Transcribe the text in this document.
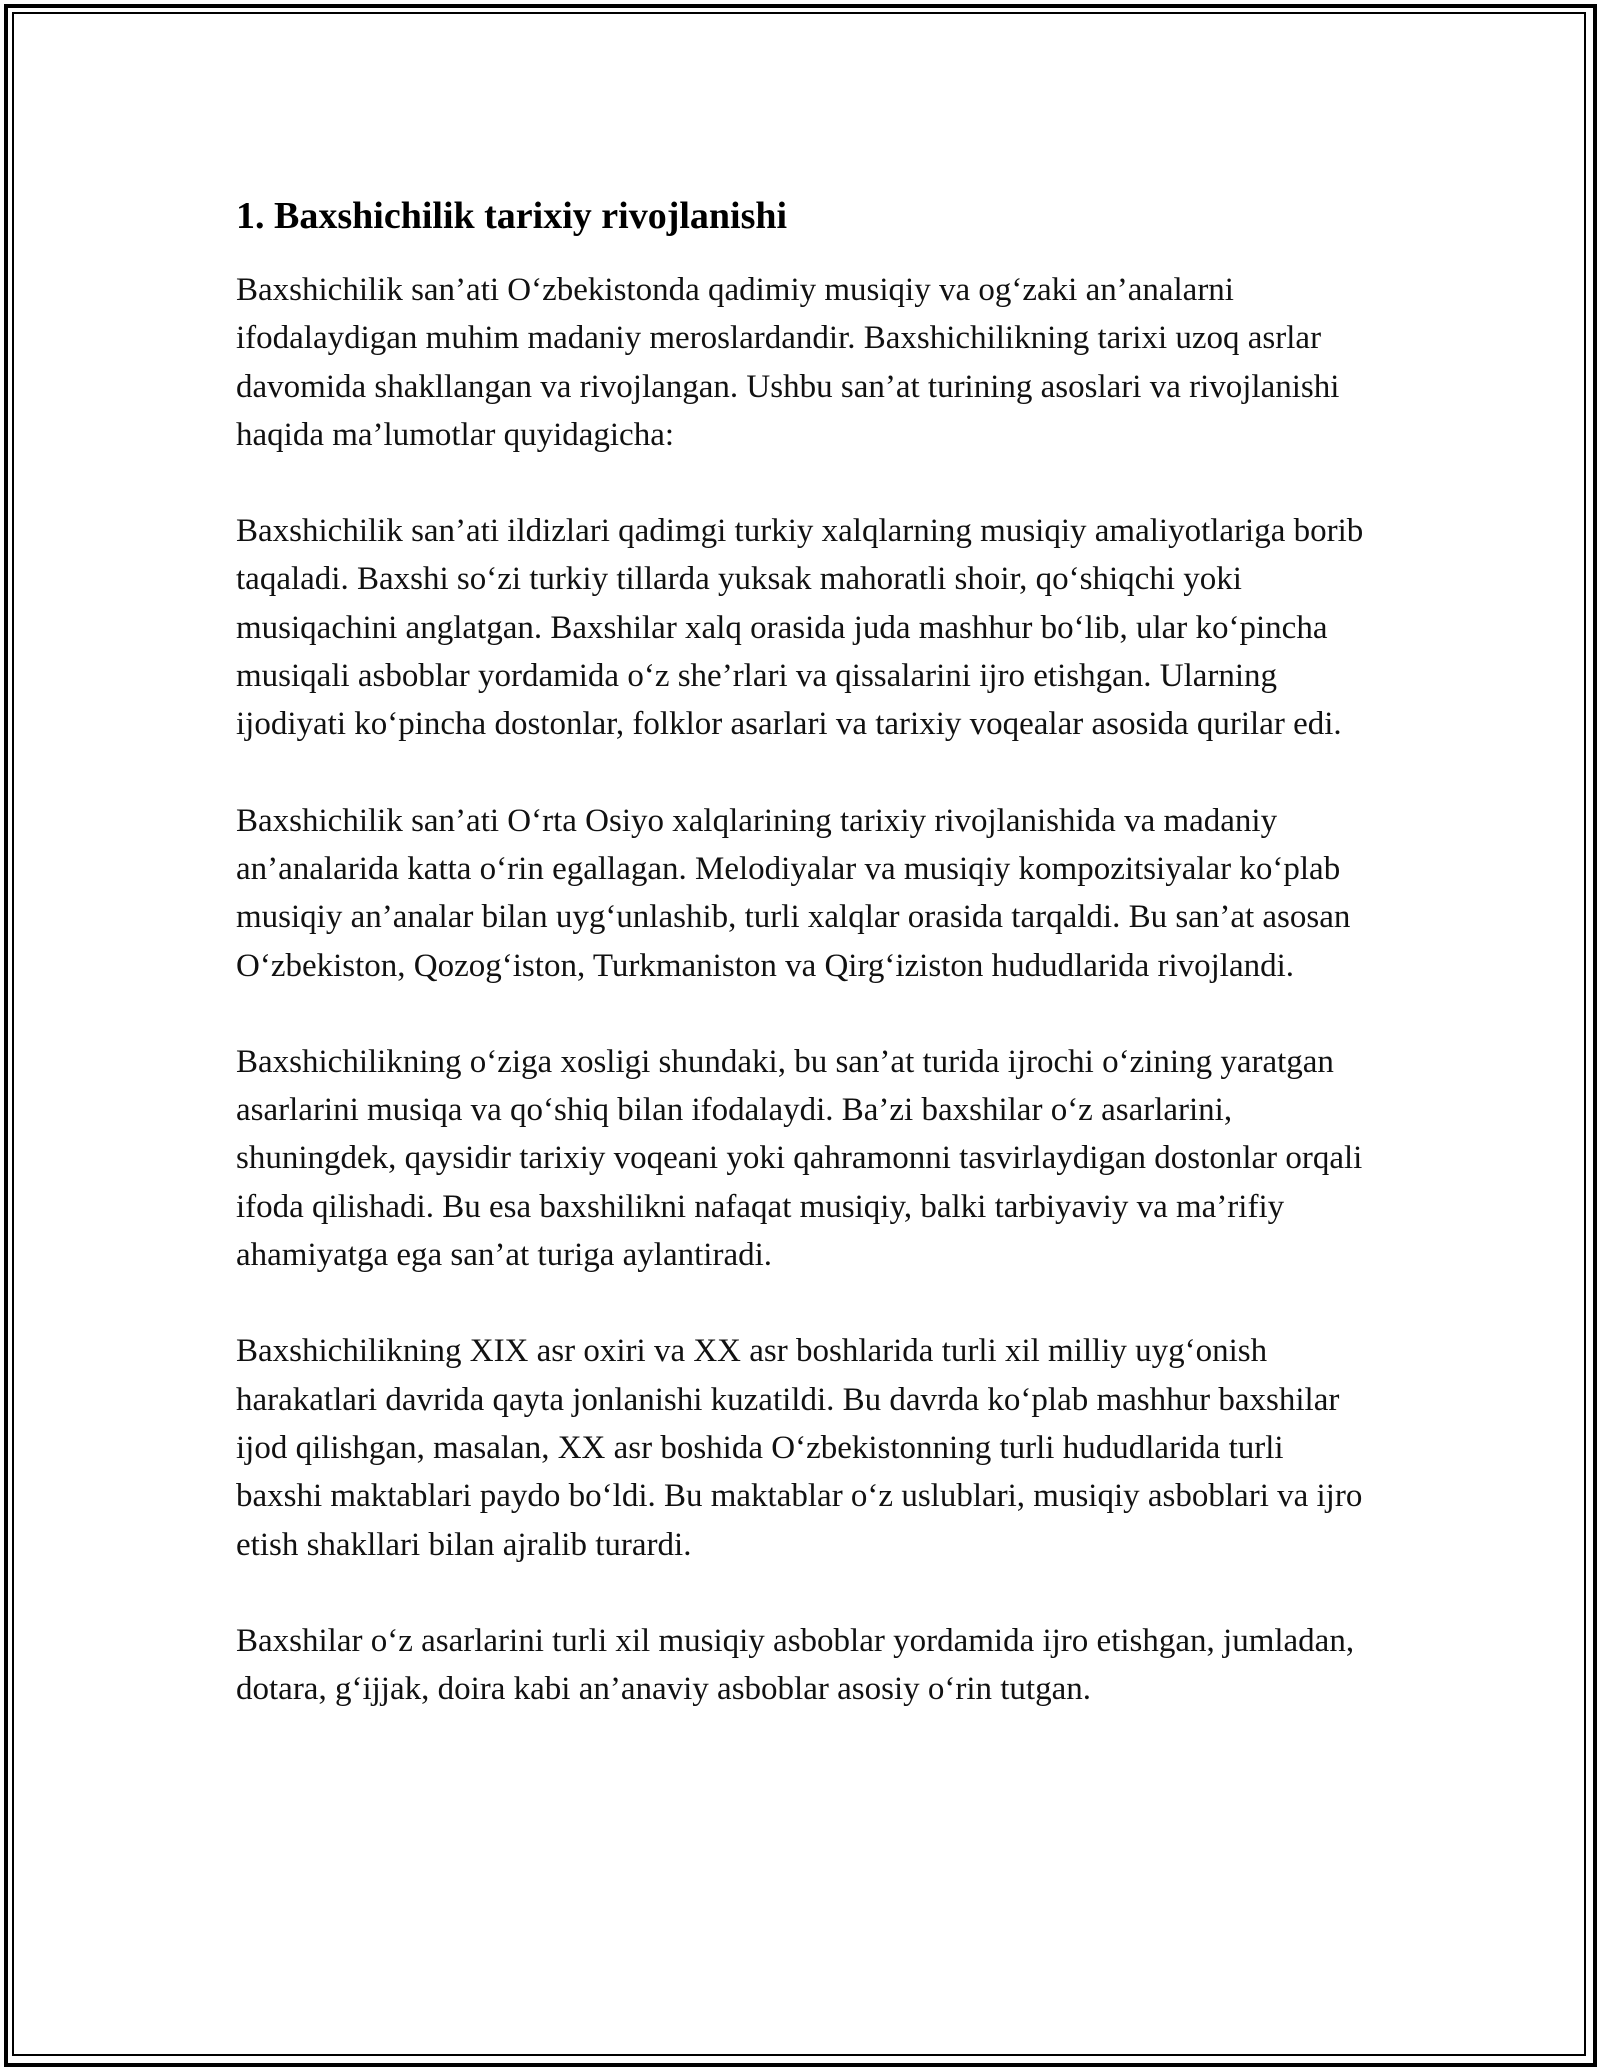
1. Baxshichilik tarixiy rivojlanishi

Baxshichilik san’ati O‘zbekistonda qadimiy musiqiy va og‘zaki an’analarni ifodalaydigan muhim madaniy meroslardandir. Baxshichilikning tarixi uzoq asrlar davomida shakllangan va rivojlangan. Ushbu san’at turining asoslari va rivojlanishi haqida ma’lumotlar quyidagicha:

Baxshichilik san’ati ildizlari qadimgi turkiy xalqlarning musiqiy amaliyotlariga borib taqaladi. Baxshi so‘zi turkiy tillarda yuksak mahoratli shoir, qo‘shiqchi yoki musiqachini anglatgan. Baxshilar xalq orasida juda mashhur bo‘lib, ular ko‘pincha musiqali asboblar yordamida o‘z she’rlari va qissalarini ijro etishgan. Ularning ijodiyati ko‘pincha dostonlar, folklor asarlari va tarixiy voqealar asosida qurilar edi.

Baxshichilik san’ati O‘rta Osiyo xalqlarining tarixiy rivojlanishida va madaniy an’analarida katta o‘rin egallagan. Melodiyalar va musiqiy kompozitsiyalar ko‘plab musiqiy an’analar bilan uyg‘unlashib, turli xalqlar orasida tarqaldi. Bu san’at asosan O‘zbekiston, Qozog‘iston, Turkmaniston va Qirg‘iziston hududlarida rivojlandi.

Baxshichilikning o‘ziga xosligi shundaki, bu san’at turida ijrochi o‘zining yaratgan asarlarini musiqa va qo‘shiq bilan ifodalaydi. Ba’zi baxshilar o‘z asarlarini, shuningdek, qaysidir tarixiy voqeani yoki qahramonni tasvirlaydigan dostonlar orqali ifoda qilishadi. Bu esa baxshilikni nafaqat musiqiy, balki tarbiyaviy va ma’rifiy ahamiyatga ega san’at turiga aylantiradi.

Baxshichilikning XIX asr oxiri va XX asr boshlarida turli xil milliy uyg‘onish harakatlari davrida qayta jonlanishi kuzatildi. Bu davrda ko‘plab mashhur baxshilar ijod qilishgan, masalan, XX asr boshida O‘zbekistonning turli hududlarida turli baxshi maktablari paydo bo‘ldi. Bu maktablar o‘z uslublari, musiqiy asboblari va ijro etish shakllari bilan ajralib turardi.

Baxshilar o‘z asarlarini turli xil musiqiy asboblar yordamida ijro etishgan, jumladan, dotara, g‘ijjak, doira kabi an’anaviy asboblar asosiy o‘rin tutgan.
